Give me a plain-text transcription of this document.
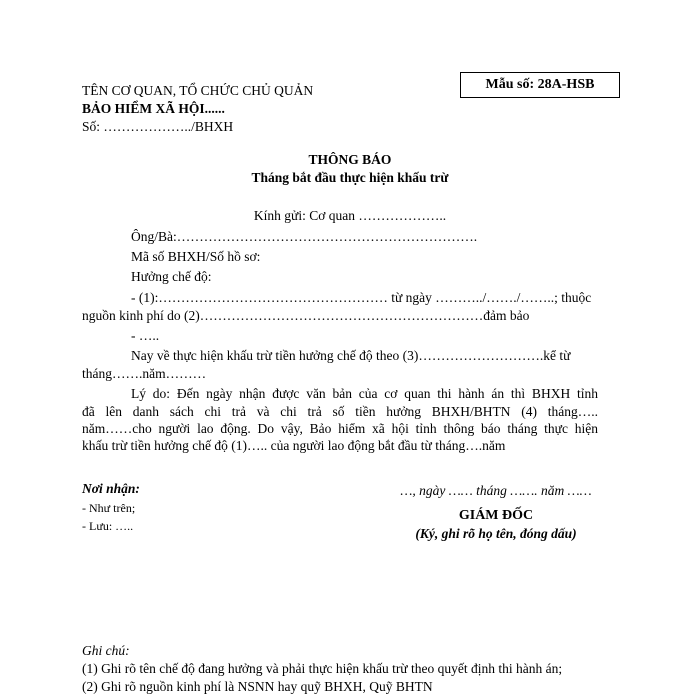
TÊN CƠ QUAN, TỔ CHỨC CHỦ QUẢN
BẢO HIỂM XÃ HỘI......
Số: ………………../BHXH
Mẫu số: 28A-HSB
THÔNG BÁO
Tháng bắt đầu thực hiện khấu trừ
Kính gửi: Cơ quan ………………..
Ông/Bà:………………………………………………………….
Mã số BHXH/Số hồ sơ:
Hưởng chế độ:
- (1):…………………………………………… từ ngày ………../……./……..; thuộc
nguồn kinh phí do (2)………………………………………………………đảm bảo
- …..
Nay về thực hiện khấu trừ tiền hưởng chế độ theo (3)……………………….kể từ
tháng…….năm………
Lý do: Đến ngày nhận được văn bản của cơ quan thi hành án thì BHXH tỉnh
đã lên danh sách chi trả và chi trả số tiền hưởng BHXH/BHTN (4) tháng…..
năm……cho người lao động. Do vậy, Bảo hiểm xã hội tỉnh thông báo tháng thực hiện
khấu trừ tiền hưởng chế độ (1)….. của người lao động bắt đầu từ tháng….năm
Nơi nhận:
- Như trên;
- Lưu: …..
…, ngày …… tháng ……. năm ……
GIÁM ĐỐC
(Ký, ghi rõ họ tên, đóng dấu)
Ghi chú:
(1) Ghi rõ tên chế độ đang hưởng và phải thực hiện khấu trừ theo quyết định thi hành án;
(2) Ghi rõ nguồn kinh phí là NSNN hay quỹ BHXH, Quỹ BHTN
